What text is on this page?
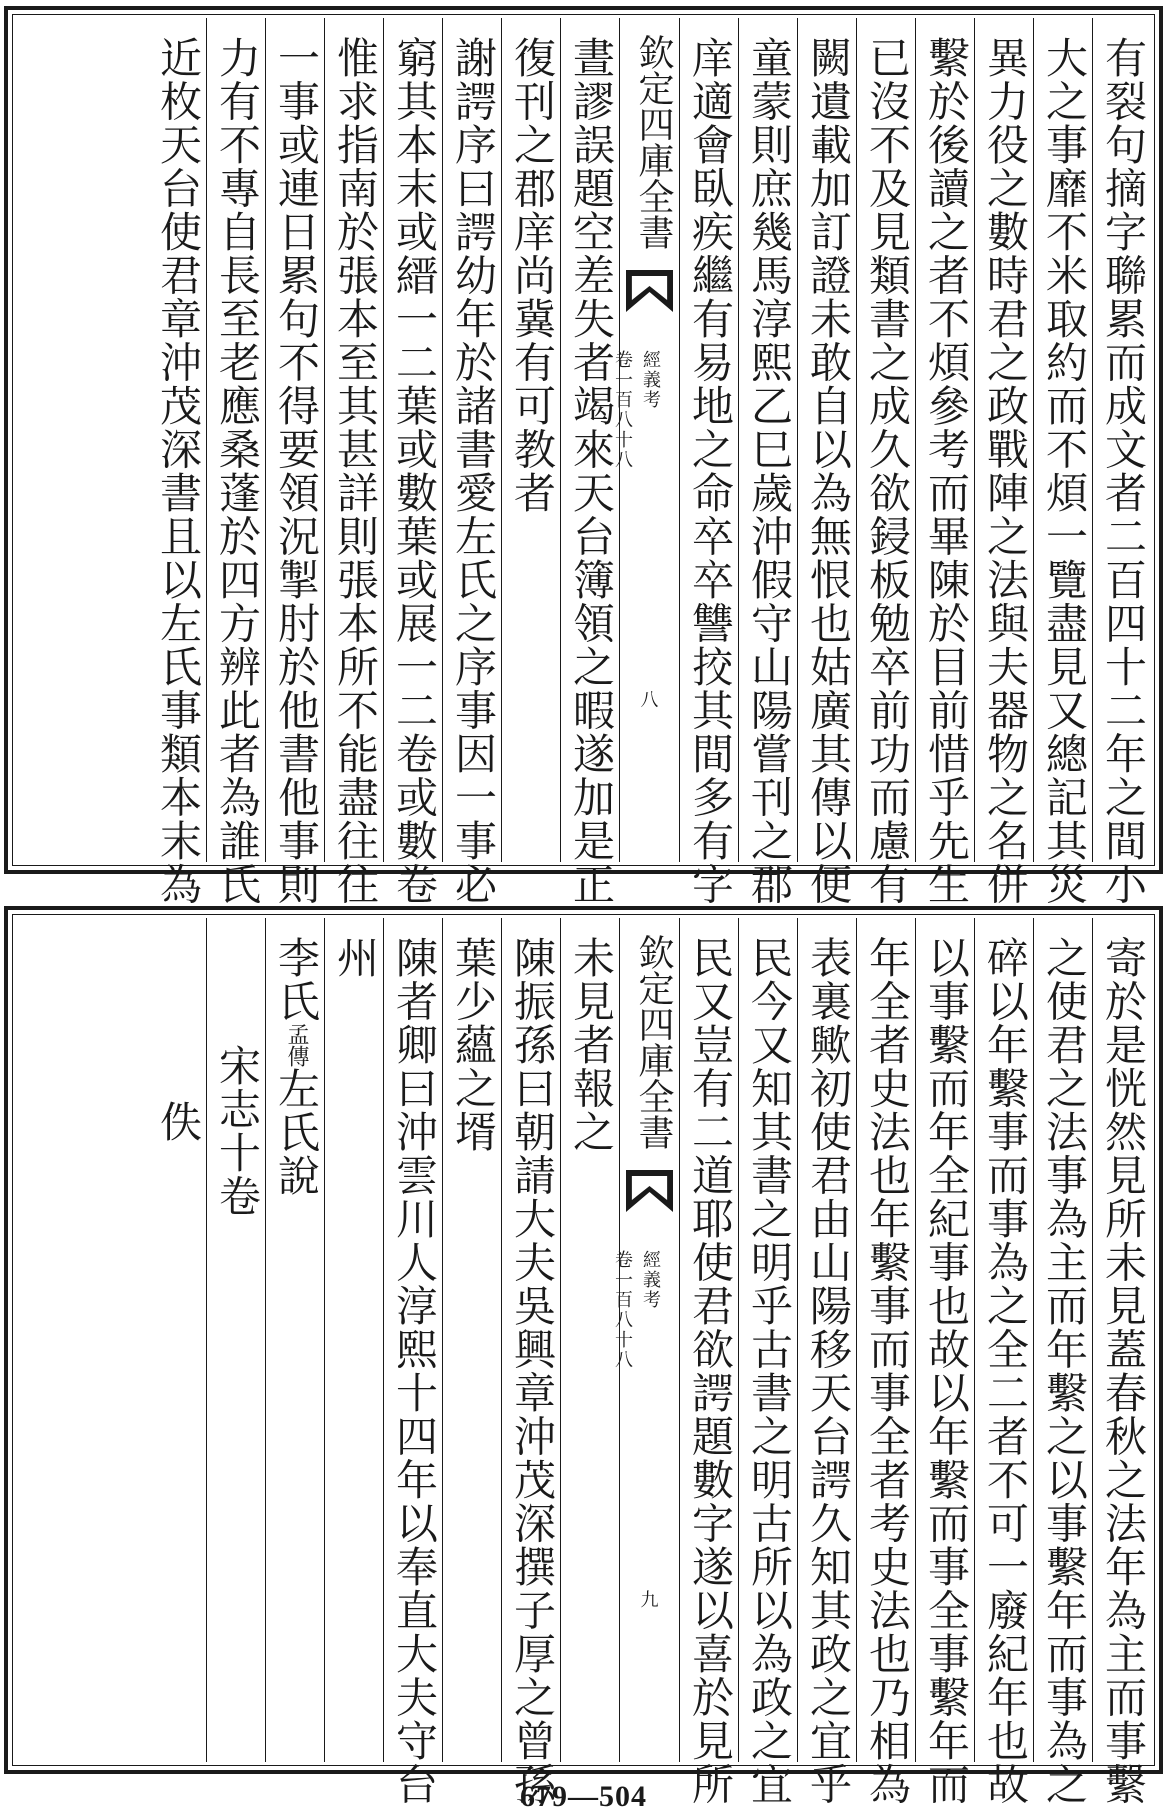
有裂句摘字聯累而成文者二百四十二年之間小
大之事靡不米取約而不煩一覽盡見又總記其災
異力役之數時君之政戰陣之法與夫器物之名併
繫於後讀之者不煩參考而畢陳於目前惜乎先生
已沒不及見類書之成久欲鋟板勉卒前功而慮有
闕遺載加訂證未敢自以為無恨也姑廣其傳以便
童蒙則庶幾馬淳熙乙巳歲沖假守山陽嘗刊之郡
庠適會臥疾繼有易地之命卒卒讐挍其間多有字
欽定四庫全書
經義考
卷一百八十八
八
晝謬誤題空差失者竭來天台簿領之暇遂加是正
復刊之郡庠尚冀有可教者
謝諤序曰諤幼年於諸書愛左氏之序事因一事必
窮其本末或縉一二葉或數葉或展一二卷或數卷
惟求指南於張本至其甚詳則張本所不能盡往往
一事或連日累句不得要領況掣肘於他書他事則
力有不專自長至老應桑蓬於四方辨此者為誰氏
近枚天台使君章沖茂深書且以左氏事類本末為
寄於是恍然見所未見蓋春秋之法年為主而事繫
之使君之法事為主而年繫之以事繫年而事為之
碎以年繫事而事為之全二者不可一廢紀年也故
以事繫而年全紀事也故以年繫而事全事繫年而
年全者史法也年繫事而事全者考史法也乃相為
表裏歟初使君由山陽移天台諤久知其政之宜乎
民今又知其書之明乎古書之明古所以為政之宜
民又豈有二道耶使君欲諤題數字遂以喜於見所
欽定四庫全書
經義考
卷一百八十八
九
未見者報之
陳振孫曰朝請大夫吳興章沖茂深撰子厚之曾孫
葉少蘊之壻
陳者卿曰沖雲川人淳熙十四年以奉直大夫守台
州
李氏孟傳左氏說
宋志十卷
佚
679—504
